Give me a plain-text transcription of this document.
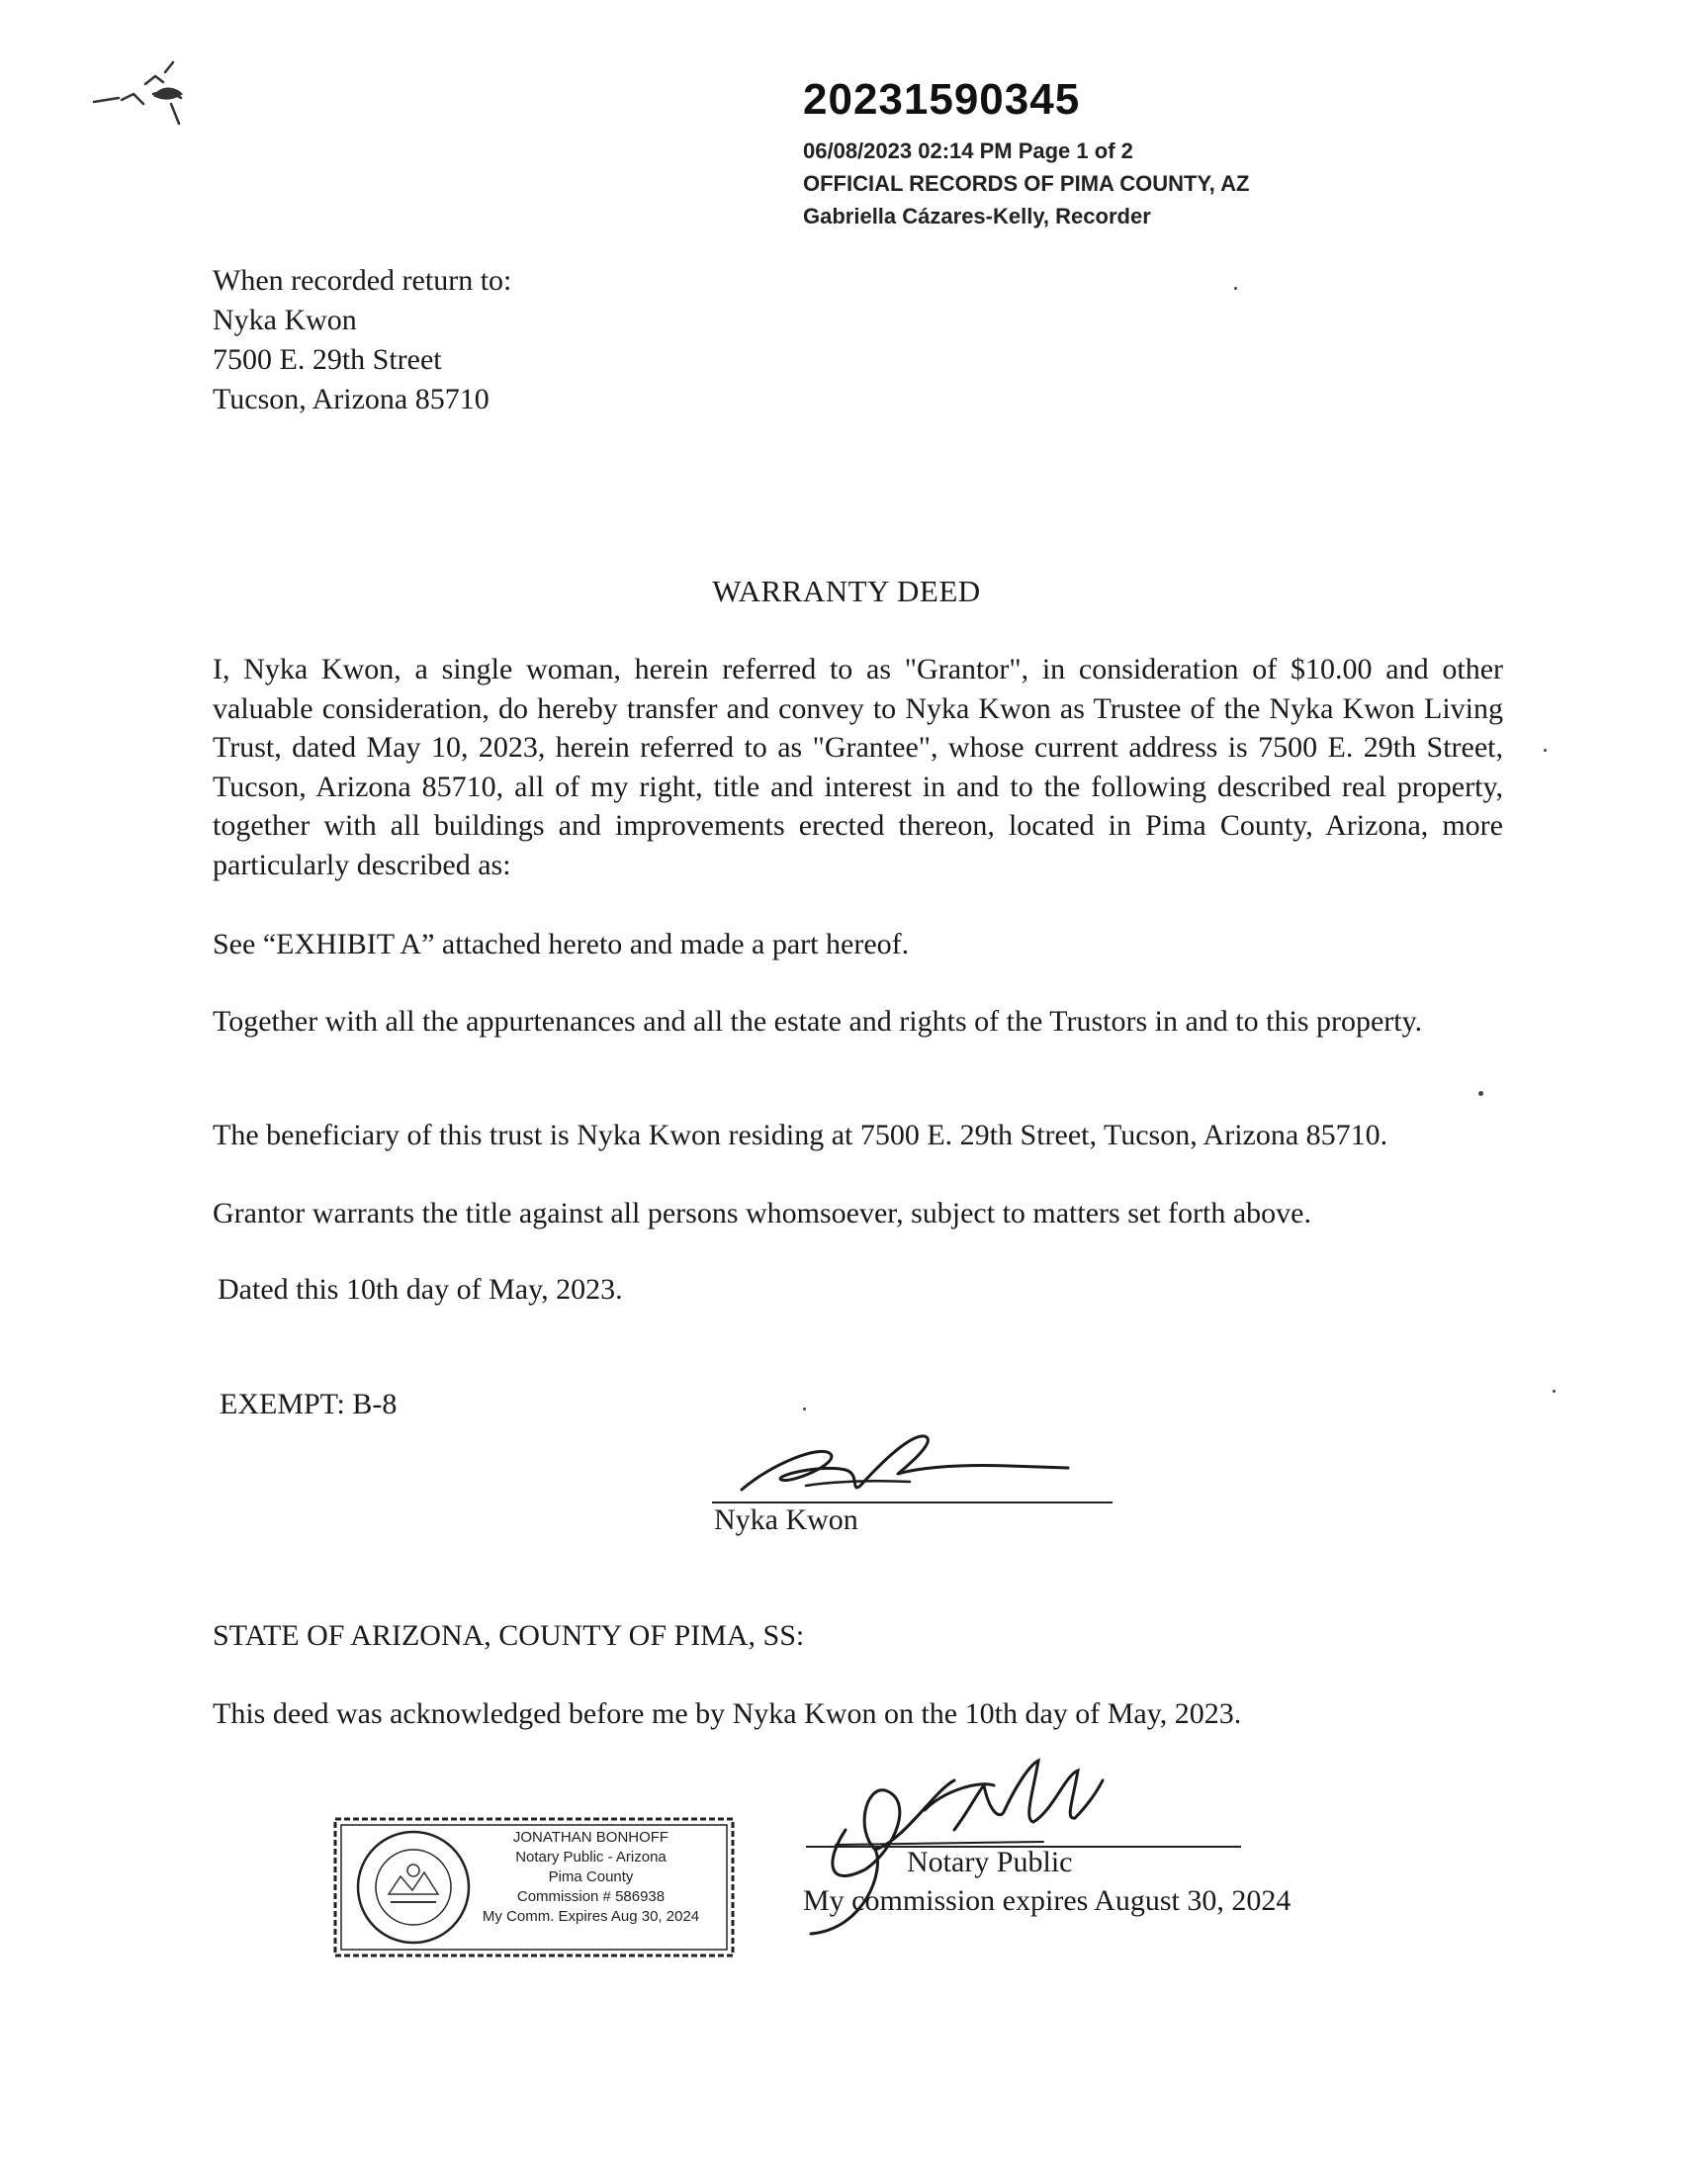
20231590345
06/08/2023 02:14 PM Page 1 of 2
OFFICIAL RECORDS OF PIMA COUNTY, AZ
Gabriella Cázares-Kelly, Recorder
When recorded return to:
Nyka Kwon
7500 E. 29th Street
Tucson, Arizona 85710
WARRANTY DEED
I, Nyka Kwon, a single woman, herein referred to as "Grantor", in consideration of $10.00 and other valuable consideration, do hereby transfer and convey to Nyka Kwon as Trustee of the Nyka Kwon Living Trust, dated May 10, 2023, herein referred to as "Grantee", whose current address is 7500 E. 29th Street, Tucson, Arizona 85710, all of my right, title and interest in and to the following described real property, together with all buildings and improvements erected thereon, located in Pima County, Arizona, more particularly described as:
See “EXHIBIT A” attached hereto and made a part hereof.
Together with all the appurtenances and all the estate and rights of the Trustors in and to this property.
The beneficiary of this trust is Nyka Kwon residing at 7500 E. 29th Street, Tucson, Arizona 85710.
Grantor warrants the title against all persons whomsoever, subject to matters set forth above.
Dated this 10th day of May, 2023.
EXEMPT: B-8
Nyka Kwon
STATE OF ARIZONA, COUNTY OF PIMA, SS:
This deed was acknowledged before me by Nyka Kwon on the 10th day of May, 2023.
JONATHAN BONHOFF
Notary Public - Arizona
Pima County
Commission # 586938
My Comm. Expires Aug 30, 2024
Notary Public
My commission expires August 30, 2024
